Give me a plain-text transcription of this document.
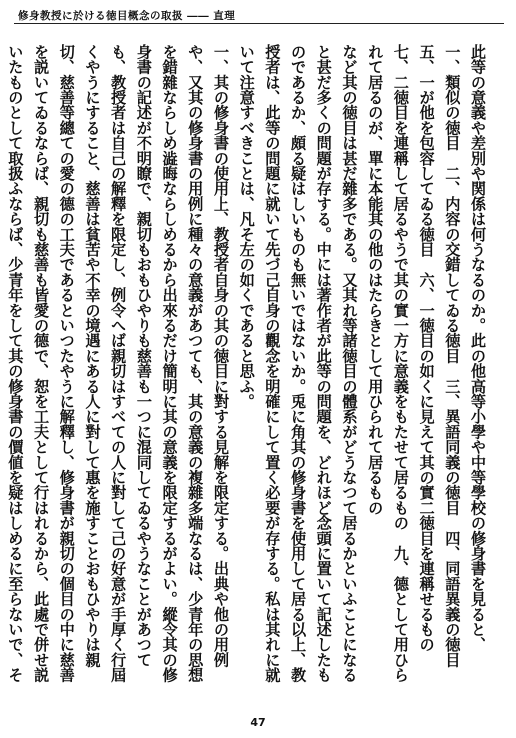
修身教授に於ける徳目概念の取扱 ―― 直理

此等の意義や差別や関係は何うなるのか。此の他高等小學や中等學校の修身書を見ると、

一、類似の徳目　二、内容の交錯してゐる徳目　三、異語同義の徳目　四、同語異義の徳目　五、一が他を包容してゐる徳目　六、一徳目の如くに見えて其の實二徳目を連稱せるもの　七、二徳目を連稱して居るやうで其の實一方に意義をもたせて居るもの　九、德として用ひられて居るのが、單に本能其の他のはたらきとして用ひられて居るもの

など其の徳目は甚だ雜多である。又其れ等諸徳目の體系がどうなつて居るかといふことになると甚だ多くの問題が存する。中には著作者が此等の問題を、どれほど念頭に置いて記述したものであるか、頗る疑はしいものも無いではないか。兎に角其の修身書を使用して居る以上、教授者は、此等の問題に就いて先づ己自身の觀念を明確にして置く必要が存する。私は其れに就いて注意すべきことは、凡そ左の如くであると思ふ。

一、其の修身書の使用上、教授者自身の其の徳目に對する見解を限定する。出典や他の用例や、又其の修身書の用例に種々の意義があつても、其の意義の複雜多端なるは、少青年の思想を錯雜ならしめ澁晦ならしめるから出來るだけ簡明に其の意義を限定するがよい。縱令其の修身書の記述が不明瞭で、親切もおもひやりも慈善も一つに混同してゐるやうなことがあつても、教授者は自己の解釋を限定し、例令へば親切はすべての人に對して己の好意が手厚く行屆くやうにすること、慈善は貧苦や不幸の境遇にある人に對して惠を施すことおもひやりは親切、慈善等總ての愛の德の工夫であるといつたやうに解釋し、修身書が親切の個目の中に慈善を説いてゐるならば、親切も慈善も皆愛の德で、恕を工夫として行はれるから、此處で併せ説いたものとして取扱ふならば、少青年をして其の修身書の價値を疑はしめるに至らないで、そ

47
